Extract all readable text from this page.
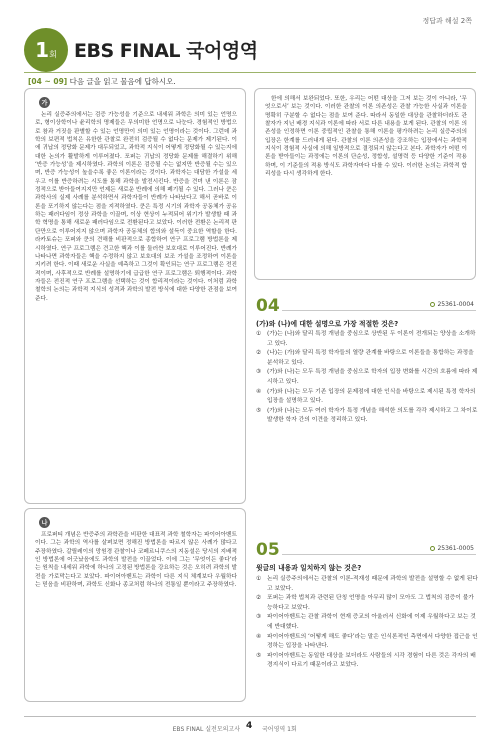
1 회 EBS FINAL 국어영역
정답과 해설 2쪽
[04 ~ 09] 다음 글을 읽고 물음에 답하시오.
가

논리 실증주의에서는 검증 가능성을 기준으로 내세워 과학은 의미 있는 언명으로, 형이상학이나 윤리학의 명제들은 무의미한 언명으로 나눈다. 경험적인 방법으로 참과 거짓을 판별할 수 있는 언명만이 의미 있는 언명이라는 것이다. 그런데 과학의 보편적 법칙은 유한한 관찰로 완전히 검증될 수 없다는 문제가 제기된다. 이에 귀납의 정당화 문제가 대두되었고, 과학적 지식이 어떻게 정당화될 수 있는지에 대한 논의가 활발하게 이루어졌다. 포퍼는 귀납의 정당화 문제를 해결하기 위해 ‘반증 가능성’을 제시하였다. 과학의 이론은 검증될 수는 없지만 반증될 수는 있으며, 반증 가능성이 높을수록 좋은 이론이라는 것이다. 과학자는 대담한 가설을 세우고 이를 반증하려는 시도를 통해 과학을 발전시킨다. 반증을 견뎌 낸 이론은 잠정적으로 받아들여지지만 언제든 새로운 반례에 의해 폐기될 수 있다. 그러나 쿤은 과학사의 실제 사례를 분석하면서 과학자들이 반례가 나타났다고 해서 곧바로 이론을 포기하지 않는다는 점을 지적하였다. 쿤은 특정 시기의 과학자 공동체가 공유하는 패러다임이 정상 과학을 이끌며, 이상 현상이 누적되어 위기가 발생할 때 과학 혁명을 통해 새로운 패러다임으로 전환된다고 보았다. 이러한 전환은 논리적 판단만으로 이루어지지 않으며 과학자 공동체의 합의와 설득이 중요한 역할을 한다. 라카토슈는 포퍼와 쿤의 견해를 비판적으로 종합하여 연구 프로그램 방법론을 제시하였다. 연구 프로그램은 견고한 핵과 이를 둘러싼 보호대로 이루어진다. 반례가 나타나면 과학자들은 핵을 수정하지 않고 보호대의 보조 가설을 조정하여 이론을 지키려 한다. 이때 새로운 사실을 예측하고 그것이 확인되는 연구 프로그램은 전진적이며, 사후적으로 반례를 설명하기에 급급한 연구 프로그램은 퇴행적이다. 과학자들은 전진적 연구 프로그램을 선택하는 것이 합리적이라는 것이다. 이처럼 과학 철학의 논의는 과학적 지식의 성격과 과학의 발전 방식에 대한 다양한 관점을 보여 준다.

나

프로퍼티 개념은 반증주의 과학관을 비판한 대표적 과학 철학자는 파이어아벤트이다. 그는 과학의 역사를 살펴보면 정해진 방법론을 따르지 않은 사례가 많다고 주장하였다. 갈릴레이의 망원경 관찰이나 코페르니쿠스의 지동설은 당시의 지배적인 방법론에 어긋났음에도 과학의 발전을 이끌었다. 이에 그는 ‘무엇이든 좋다’라는 원칙을 내세워 과학에 하나의 고정된 방법론을 강요하는 것은 오히려 과학의 발전을 가로막는다고 보았다. 파이어아벤트는 과학이 다른 지식 체계보다 우월하다는 믿음을 비판하며, 과학도 신화나 종교처럼 하나의 전통일 뿐이라고 주장하였다.

한에 의해서 보완되었다. 또한, 우리는 어떤 대상을 그저 보는 것이 아니라, ‘무엇으로서’ 보는 것이다. 이러한 관찰의 이론 의존성은 관찰 가능한 사실과 이론을 명확히 구분할 수 없다는 점을 보여 준다. 따라서 동일한 대상을 관찰하더라도 관찰자가 지닌 배경 지식과 이론에 따라 서로 다른 내용을 보게 된다. 관찰의 이론 의존성을 인정하면 이론 중립적인 관찰을 통해 이론을 평가하려는 논리 실증주의의 입장은 한계를 드러내게 된다. 관찰의 이론 의존성을 강조하는 입장에서는 과학적 지식이 경험적 사실에 의해 일방적으로 결정되지 않는다고 본다. 과학자가 어떤 이론을 받아들이는 과정에는 이론의 단순성, 정합성, 설명력 등 다양한 기준이 작용하며, 이 기준들의 적용 방식도 과학자마다 다를 수 있다. 이러한 논의는 과학적 합리성을 다시 생각하게 한다.

04	25361-0004
(가)와 (나)에 대한 설명으로 가장 적절한 것은?
① (가)는 (나)와 달리 특정 개념을 중심으로 상반된 두 이론이 전개되는 양상을 소개하고 있다.
② (나)는 (가)와 달리 특정 학자들의 열량 관계를 바탕으로 이론들을 통합하는 과정을 분석하고 있다.
③ (가)와 (나)는 모두 특정 개념을 중심으로 학자의 입장 변화를 시간의 흐름에 따라 제시하고 있다.
④ (가)와 (나)는 모두 기존 입장의 문제점에 대한 인식을 바탕으로 제시된 특정 학자의 입장을 설명하고 있다.
⑤ (가)와 (나)는 모두 여러 학자가 특정 개념을 해석한 의도를 각각 제시하고 그 차이로 발생한 학자 간의 이견을 정리하고 있다.
05	25361-0005
윗글의 내용과 일치하지 않는 것은?
① 논리 실증주의에서는 관찰의 이론-적재성 때문에 과학의 발전을 설명할 수 없게 된다고 보았다.
② 포퍼는 과학 법칙과 관련된 단칭 언명을 아무리 많이 모아도 그 법칙의 검증이 불가능하다고 보았다.
③ 파이어아벤트는 관찰 과학이 현재 증교의 아울러서 신화에 이제 우월하다고 보는 것에 반대했다.
④ 파이어아벤트의 ‘어떻게 해도 좋다’라는 말은 인식론적인 측면에서 다양한 접근을 인정하는 입장을 나타낸다.
⑤ 파이어아벤트는 동일한 대상을 보더라도 사람들의 시각 경험이 다른 것은 각자의 배경지식이 다르기 때문이라고 보았다.
EBS FINAL 실전모의고사 4 국어영역 1회
